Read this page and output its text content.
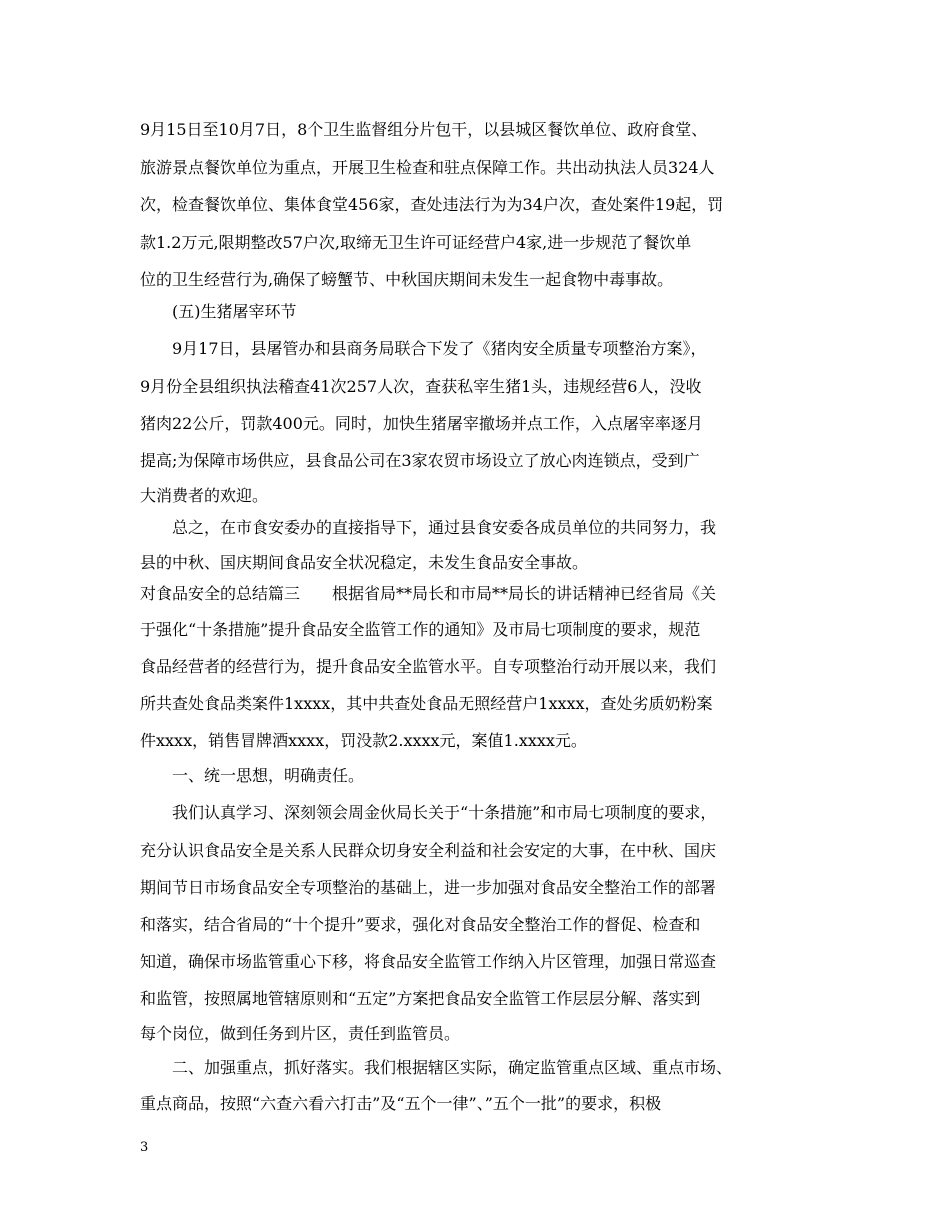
9月15日至10月7日，8个卫生监督组分片包干，以县城区餐饮单位、政府食堂、
旅游景点餐饮单位为重点，开展卫生检查和驻点保障工作。共出动执法人员324人
次，检查餐饮单位、集体食堂456家，查处违法行为为34户次，查处案件19起，罚
款1.2万元,限期整改57户次,取缔无卫生许可证经营户4家,进一步规范了餐饮单
位的卫生经营行为,确保了螃蟹节、中秋国庆期间未发生一起食物中毒事故。
(五)生猪屠宰环节
9月17日，县屠管办和县商务局联合下发了《猪肉安全质量专项整治方案》，
9月份全县组织执法稽查41次257人次，查获私宰生猪1头，违规经营6人，没收
猪肉22公斤，罚款400元。同时，加快生猪屠宰撤场并点工作，入点屠宰率逐月
提高;为保障市场供应，县食品公司在3家农贸市场设立了放心肉连锁点，受到广
大消费者的欢迎。
总之，在市食安委办的直接指导下，通过县食安委各成员单位的共同努力，我
县的中秋、国庆期间食品安全状况稳定，未发生食品安全事故。
对食品安全的总结篇三　　根据省局**局长和市局**局长的讲话精神已经省局《关
于强化“十条措施”提升食品安全监管工作的通知》及市局七项制度的要求，规范
食品经营者的经营行为，提升食品安全监管水平。自专项整治行动开展以来，我们
所共查处食品类案件1xxxx，其中共查处食品无照经营户1xxxx，查处劣质奶粉案
件xxxx，销售冒牌酒xxxx，罚没款2.xxxx元，案值1.xxxx元。
一、统一思想，明确责任。
我们认真学习、深刻领会周金伙局长关于“十条措施”和市局七项制度的要求，
充分认识食品安全是关系人民群众切身安全利益和社会安定的大事，在中秋、国庆
期间节日市场食品安全专项整治的基础上，进一步加强对食品安全整治工作的部署
和落实，结合省局的“十个提升”要求，强化对食品安全整治工作的督促、检查和
知道，确保市场监管重心下移，将食品安全监管工作纳入片区管理，加强日常巡查
和监管，按照属地管辖原则和“五定”方案把食品安全监管工作层层分解、落实到
每个岗位，做到任务到片区，责任到监管员。
二、加强重点，抓好落实。我们根据辖区实际，确定监管重点区域、重点市场、
重点商品，按照“六查六看六打击”及“五个一律”、”五个一批”的要求，积极
3
